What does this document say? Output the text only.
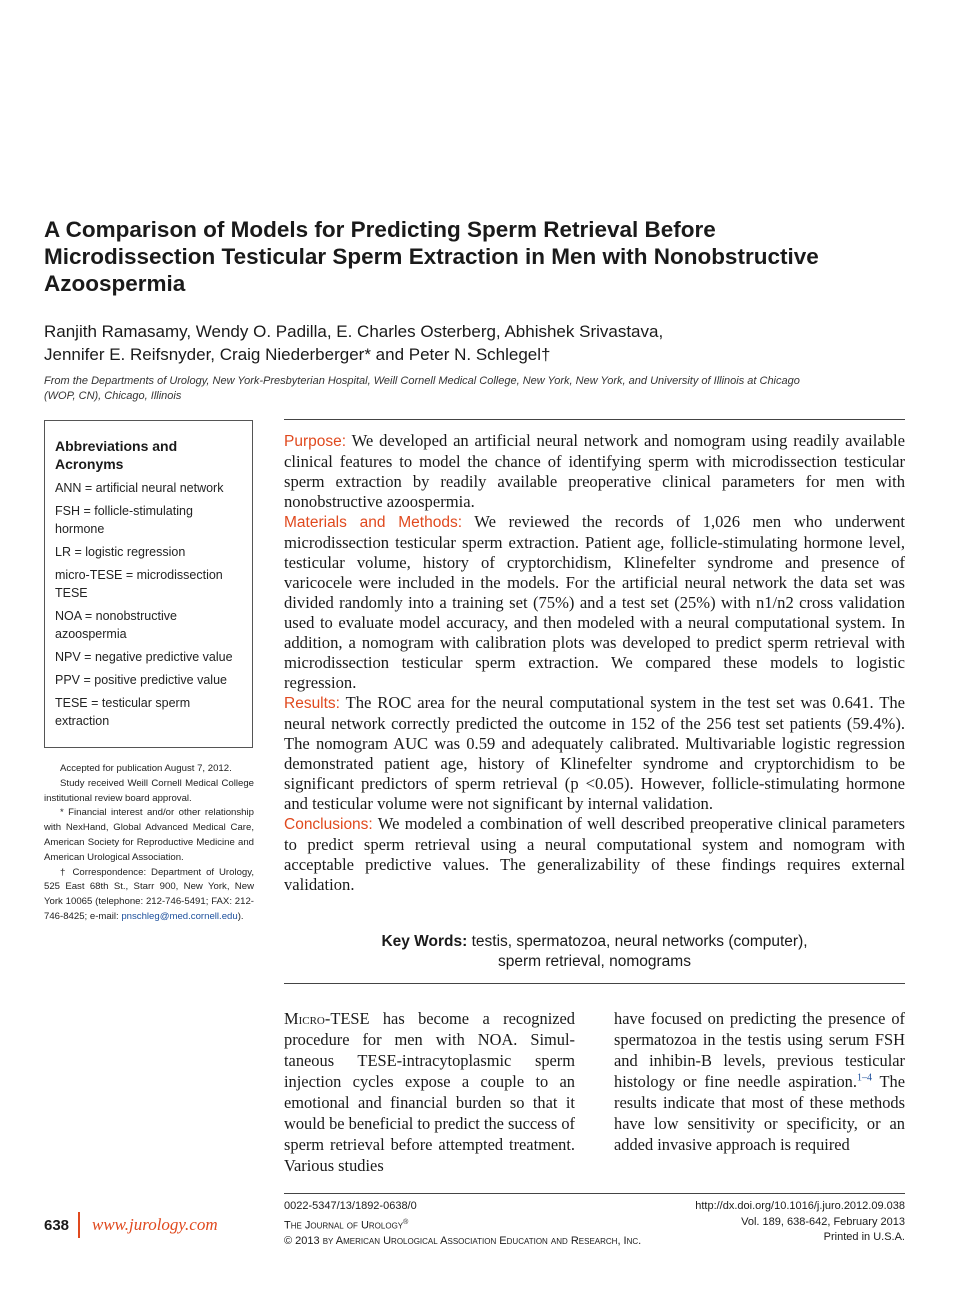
A Comparison of Models for Predicting Sperm Retrieval Before Microdissection Testicular Sperm Extraction in Men with Nonobstructive Azoospermia
Ranjith Ramasamy, Wendy O. Padilla, E. Charles Osterberg, Abhishek Srivastava,
Jennifer E. Reifsnyder, Craig Niederberger* and Peter N. Schlegel†
From the Departments of Urology, New York-Presbyterian Hospital, Weill Cornell Medical College, New York, New York, and University of Illinois at Chicago (WOP, CN), Chicago, Illinois
Abbreviations and Acronyms
ANN = artificial neural network
FSH = follicle-stimulating hormone
LR = logistic regression
micro-TESE = microdissection TESE
NOA = nonobstructive azoospermia
NPV = negative predictive value
PPV = positive predictive value
TESE = testicular sperm extraction

Accepted for publication August 7, 2012.

Study received Weill Cornell Medical College institutional review board approval.

* Financial interest and/or other relationship with NexHand, Global Advanced Medical Care, American Society for Reproductive Medicine and American Urological Association.

† Correspondence: Department of Urology, 525 East 68th St., Starr 900, New York, New York 10065 (telephone: 212-746-5491; FAX: 212-746-8425; e-mail: pnschleg@med.cornell.edu).

Purpose: We developed an artificial neural network and nomogram using readily available clinical features to model the chance of identifying sperm with microdissection testicular sperm extraction by readily available preoperative clinical parameters for men with nonobstructive azoospermia.

Materials and Methods: We reviewed the records of 1,026 men who underwent microdissection testicular sperm extraction. Patient age, follicle-stimulating hormone level, testicular volume, history of cryptorchidism, Klinefelter syndrome and presence of varicocele were included in the models. For the artificial neural network the data set was divided randomly into a training set (75%) and a test set (25%) with n1/n2 cross validation used to evaluate model accuracy, and then modeled with a neural computational system. In addition, a nomogram with calibration plots was developed to predict sperm retrieval with microdissection testicular sperm extraction. We compared these models to logistic regression.

Results: The ROC area for the neural computational system in the test set was 0.641. The neural network correctly predicted the outcome in 152 of the 256 test set patients (59.4%). The nomogram AUC was 0.59 and adequately calibrated. Multivariable logistic regression demonstrated patient age, history of Klinefelter syndrome and cryptorchidism to be significant predictors of sperm retrieval (p <0.05). However, follicle-stimulating hormone and testicular volume were not significant by internal validation.

Conclusions: We modeled a combination of well described preoperative clinical parameters to predict sperm retrieval using a neural computational system and nomogram with acceptable predictive values. The generalizability of these findings requires external validation.

Key Words: testis, spermatozoa, neural networks (computer),
sperm retrieval, nomograms
Micro-TESE has become a recognized procedure for men with NOA. Simultaneous TESE-intracytoplasmic sperm injection cycles expose a couple to an emotional and financial burden so that it would be beneficial to predict the success of sperm retrieval before attempted treatment. Various studies
have focused on predicting the presence of spermatozoa in the testis using serum FSH and inhibin-B levels, previous testicular histology or fine needle aspiration.$^{1-4}$ The results indicate that most of these methods have low sensitivity or specificity, or an added invasive approach is required
0022-5347/13/1892-0638/0
The Journal of Urology®
© 2013 by American Urological Association Education and Research, Inc.
http://dx.doi.org/10.1016/j.juro.2012.09.038
Vol. 189, 638-642, February 2013
Printed in U.S.A.
638 www.jurology.com
